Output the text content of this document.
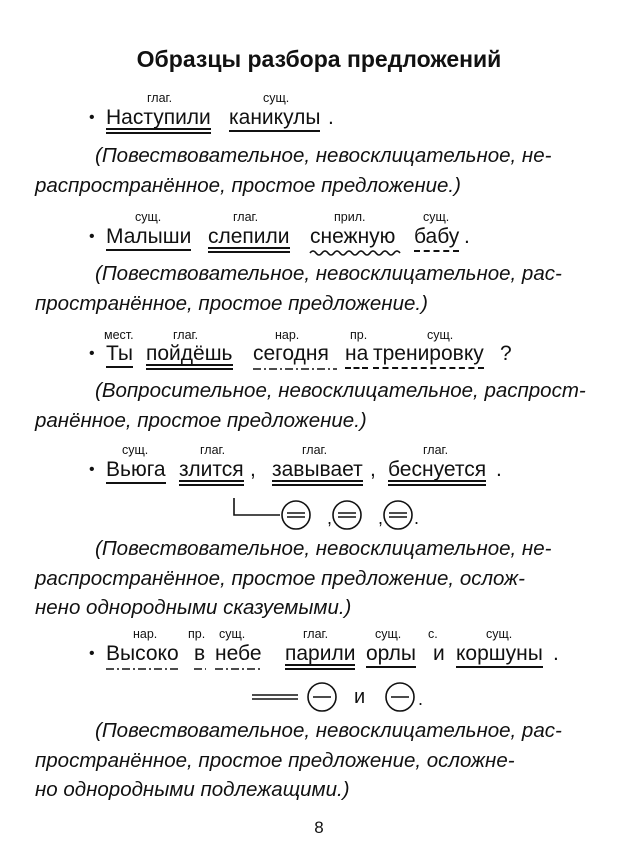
Образцы разбора предложений
глаг.	сущ.
• Наступили каникулы .
(Повествовательное, невосклицательное, не-
распространённое, простое предложение.)
сущ.	глаг.	прил.	сущ.
• Малыши слепили снежную бабу .
(Повествовательное, невосклицательное, рас-
пространённое, простое предложение.)
мест.	глаг.	нар.	пр.	сущ.
• Ты пойдёшь сегодня на тренировку ?
(Вопросительное, невосклицательное, распрост-
ранённое, простое предложение.)
сущ.	глаг.	глаг.	глаг.
• Вьюга злится , завывает , беснуется .
,	, .
(Повествовательное, невосклицательное, не-
распространённое, простое предложение, ослож-
нено однородными сказуемыми.)
нар. пр. сущ.	глаг.	сущ. с.	сущ.
• Высоко в небе парили орлы и коршуны .
и	.
(Повествовательное, невосклицательное, рас-
пространённое, простое предложение, осложне-
но однородными подлежащими.)
8
